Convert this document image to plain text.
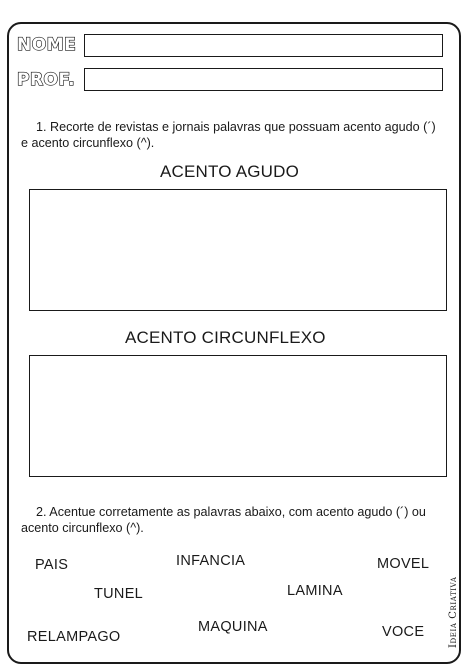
NOME
PROF.
1. Recorte de revistas e jornais palavras que possuam acento agudo (´)
e acento circunflexo (^).
ACENTO AGUDO
ACENTO CIRCUNFLEXO
2. Acentue corretamente as palavras abaixo, com acento agudo (´) ou
acento circunflexo (^).
PAIS	INFANCIA	MOVEL
TUNEL	LAMINA
RELAMPAGO
MAQUINA	VOCE Ideia Criativa
